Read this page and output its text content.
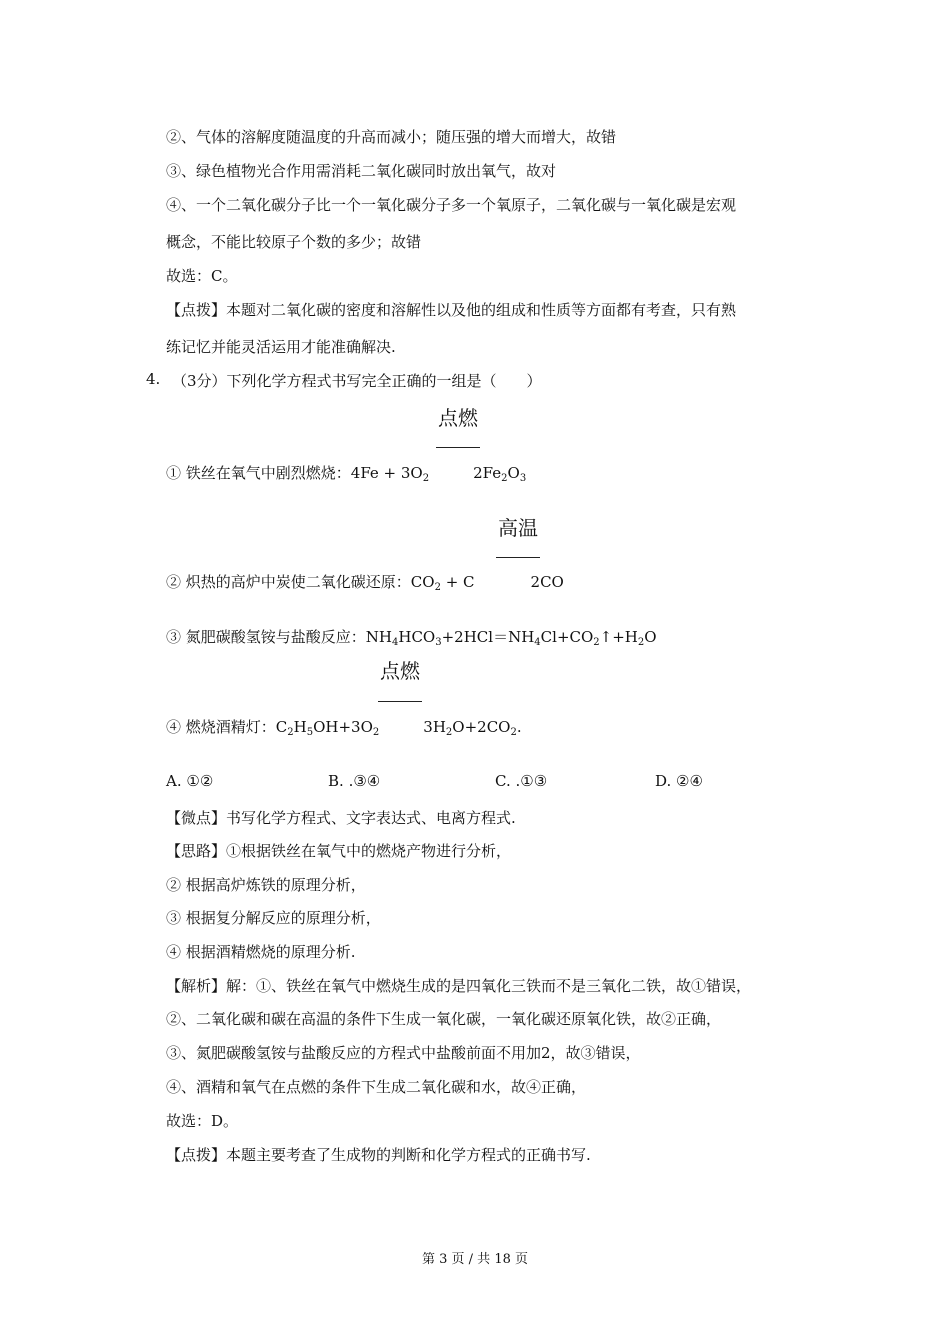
②、气体的溶解度随温度的升高而减小；随压强的增大而增大，故错
③、绿色植物光合作用需消耗二氧化碳同时放出氧气，故对
④、一个二氧化碳分子比一个一氧化碳分子多一个氧原子，二氧化碳与一氧化碳是宏观
概念，不能比较原子个数的多少；故错
故选：C。
【点拨】本题对二氧化碳的密度和溶解性以及他的组成和性质等方面都有考查，只有熟
练记忆并能灵活运用才能准确解决.
4. （3分）下列化学方程式书写完全正确的一组是（　　）
点燃
① 铁丝在氧气中剧烈燃烧：$4Fe + 3O_2$	$2Fe_2O_3$
高温
② 炽热的高炉中炭使二氧化碳还原：$CO_2 + C$	2CO
③ 氮肥碳酸氢铵与盐酸反应：$NH_4HCO_3+2HCl=NH_4Cl+CO_2↑+H_2O$
点燃
④ 燃烧酒精灯：$C_2H_5OH+3O_2$	$3H_2O+2CO_2$.
A. ①②	B. .③④	C. .①③	D. ②④
【微点】书写化学方程式、文字表达式、电离方程式.
【思路】①根据铁丝在氧气中的燃烧产物进行分析，
② 根据高炉炼铁的原理分析，
③ 根据复分解反应的原理分析，
④ 根据酒精燃烧的原理分析.
【解析】解：①、铁丝在氧气中燃烧生成的是四氧化三铁而不是三氧化二铁，故①错误，
②、二氧化碳和碳在高温的条件下生成一氧化碳，一氧化碳还原氧化铁，故②正确，
③、氮肥碳酸氢铵与盐酸反应的方程式中盐酸前面不用加2，故③错误，
④、酒精和氧气在点燃的条件下生成二氧化碳和水，故④正确，
故选：D。
【点拨】本题主要考查了生成物的判断和化学方程式的正确书写.
第 3 页 / 共 18 页
